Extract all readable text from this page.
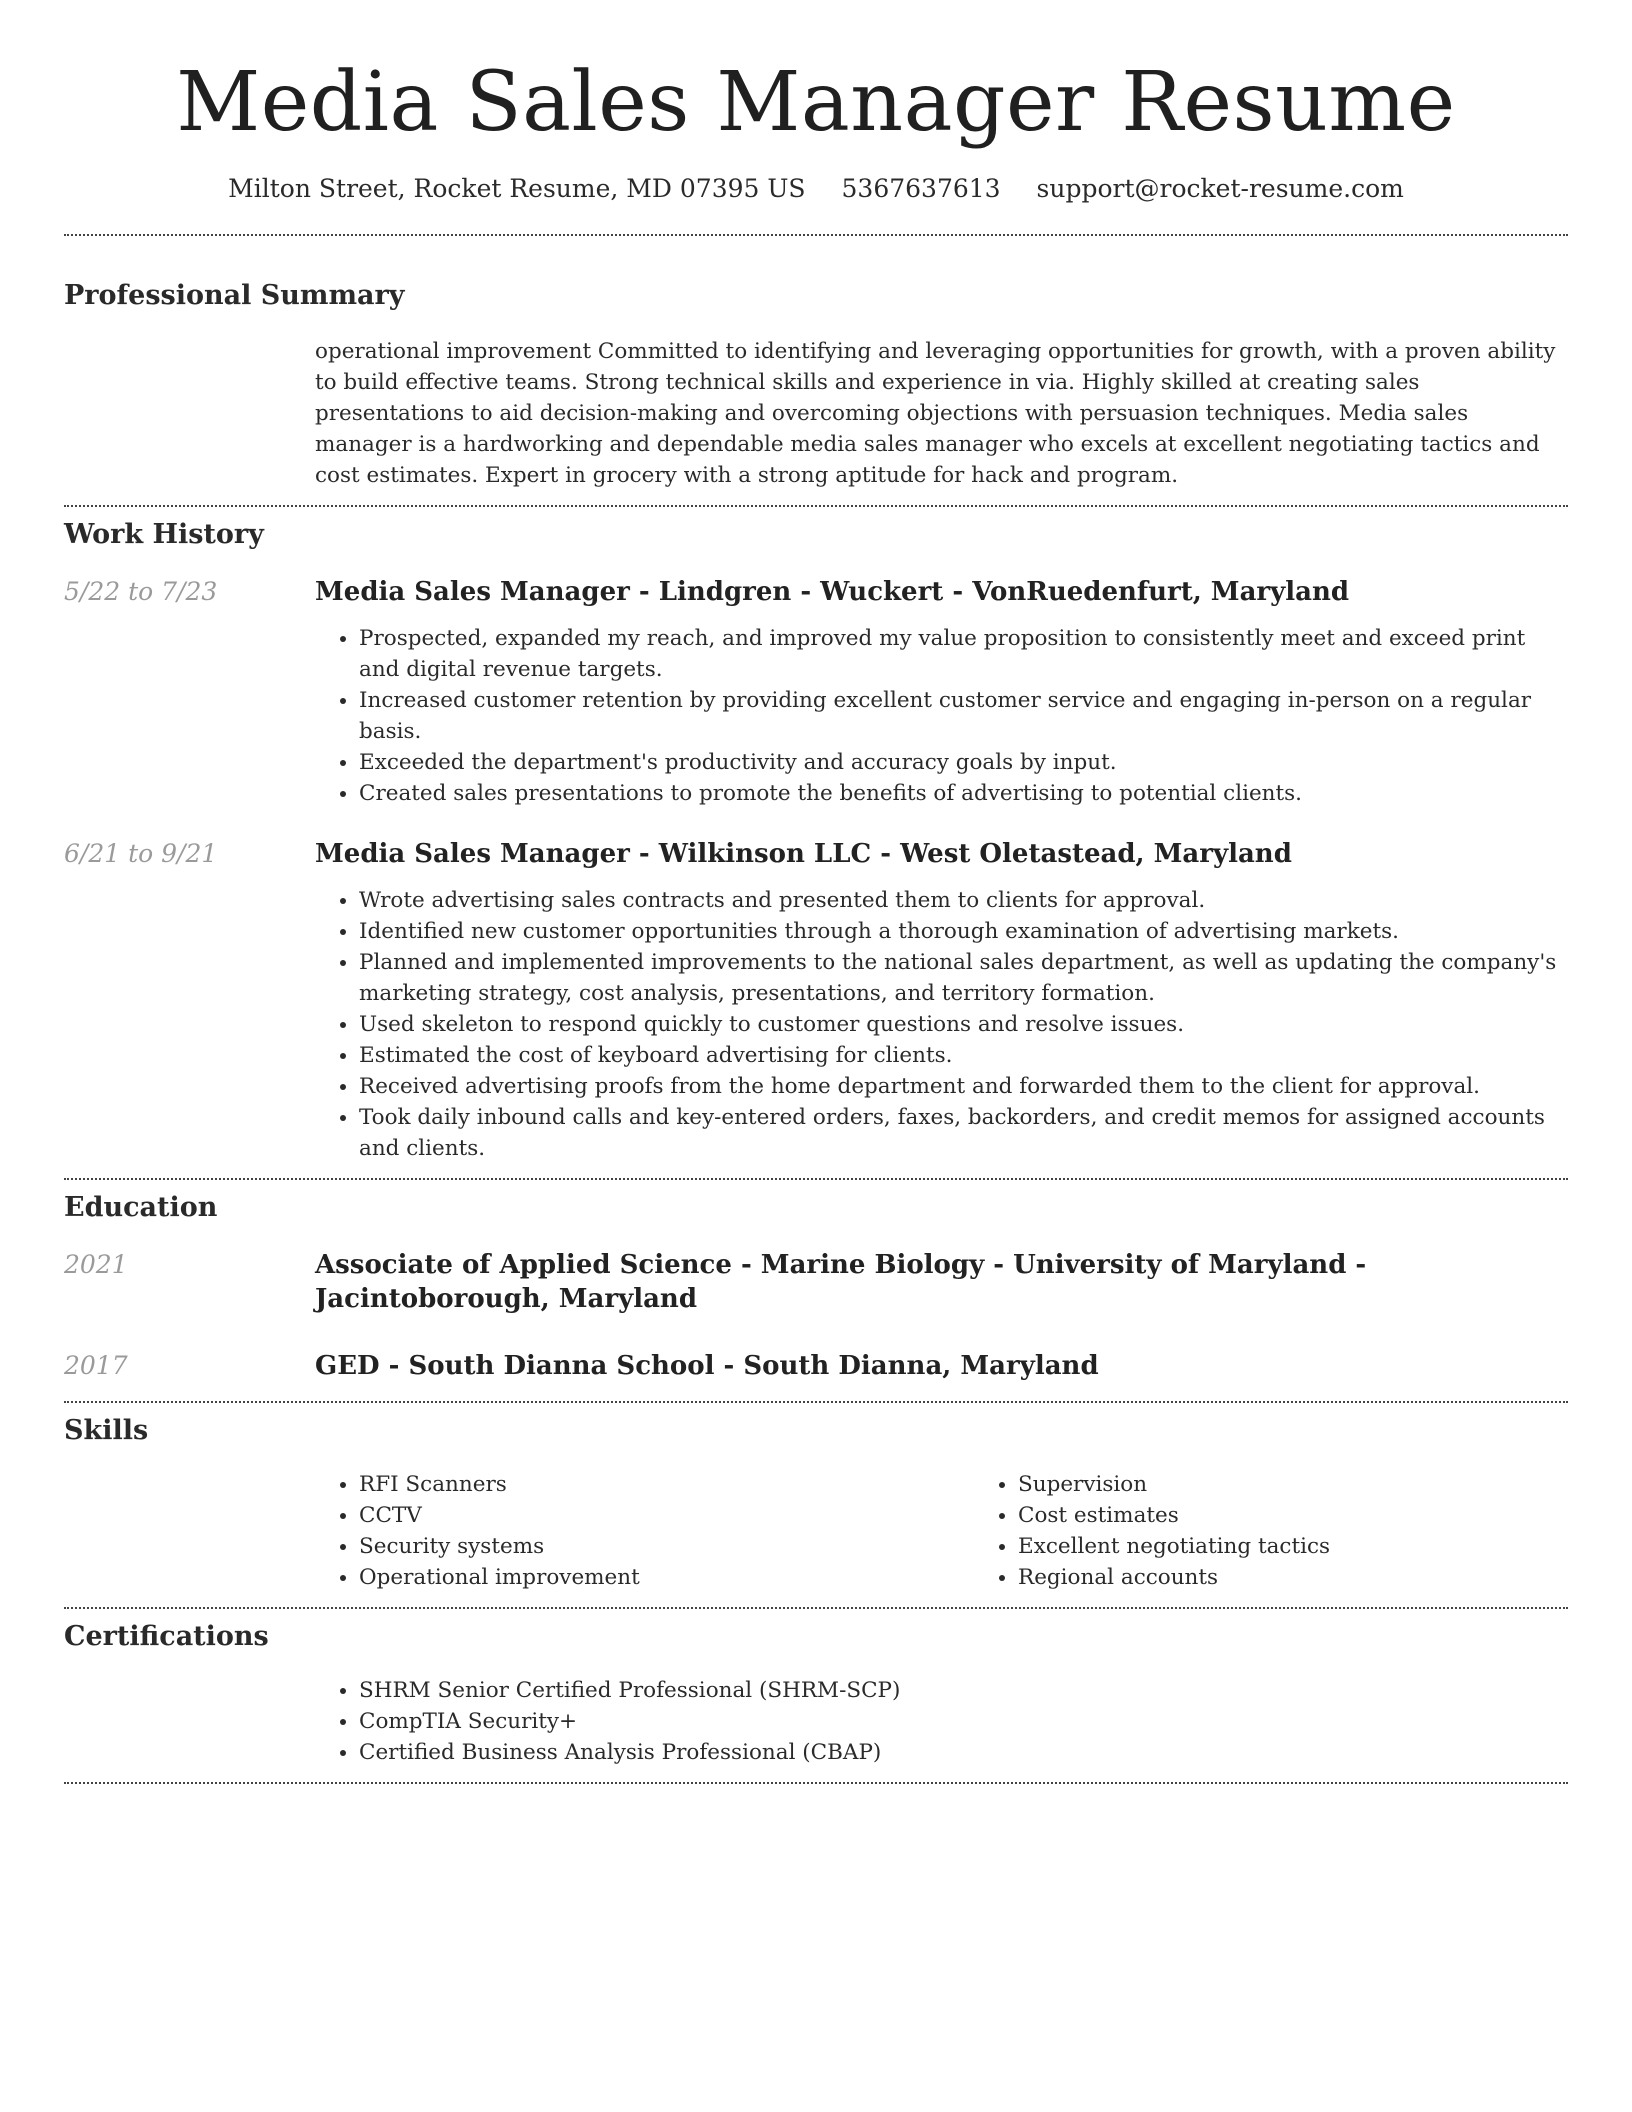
Media Sales Manager Resume
Milton Street, Rocket Resume, MD 07395 US 5367637613 support@rocket-resume.com
Professional Summary

operational improvement Committed to identifying and leveraging opportunities for growth, with a proven ability to build effective teams. Strong technical skills and experience in via. Highly skilled at creating sales presentations to aid decision-making and overcoming objections with persuasion techniques. Media sales manager is a hardworking and dependable media sales manager who excels at excellent negotiating tactics and cost estimates. Expert in grocery with a strong aptitude for hack and program.

Work History
5/22 to 7/23	Media Sales Manager - Lindgren - Wuckert - VonRuedenfurt, Maryland
• Prospected, expanded my reach, and improved my value proposition to consistently meet and exceed print and digital revenue targets.
• Increased customer retention by providing excellent customer service and engaging in-person on a regular basis.
• Exceeded the department's productivity and accuracy goals by input.
• Created sales presentations to promote the benefits of advertising to potential clients.
6/21 to 9/21	Media Sales Manager - Wilkinson LLC - West Oletastead, Maryland
• Wrote advertising sales contracts and presented them to clients for approval.
• Identified new customer opportunities through a thorough examination of advertising markets.
• Planned and implemented improvements to the national sales department, as well as updating the company's marketing strategy, cost analysis, presentations, and territory formation.
• Used skeleton to respond quickly to customer questions and resolve issues.
• Estimated the cost of keyboard advertising for clients.
• Received advertising proofs from the home department and forwarded them to the client for approval.
• Took daily inbound calls and key-entered orders, faxes, backorders, and credit memos for assigned accounts and clients.
Education
2021	Associate of Applied Science - Marine Biology - University of Maryland - Jacintoborough, Maryland
2017	GED - South Dianna School - South Dianna, Maryland
Skills
• RFI Scanners
• CCTV
• Security systems
• Operational improvement
• Supervision
• Cost estimates
• Excellent negotiating tactics
• Regional accounts
Certifications
• SHRM Senior Certified Professional (SHRM-SCP)
• CompTIA Security+
• Certified Business Analysis Professional (CBAP)
